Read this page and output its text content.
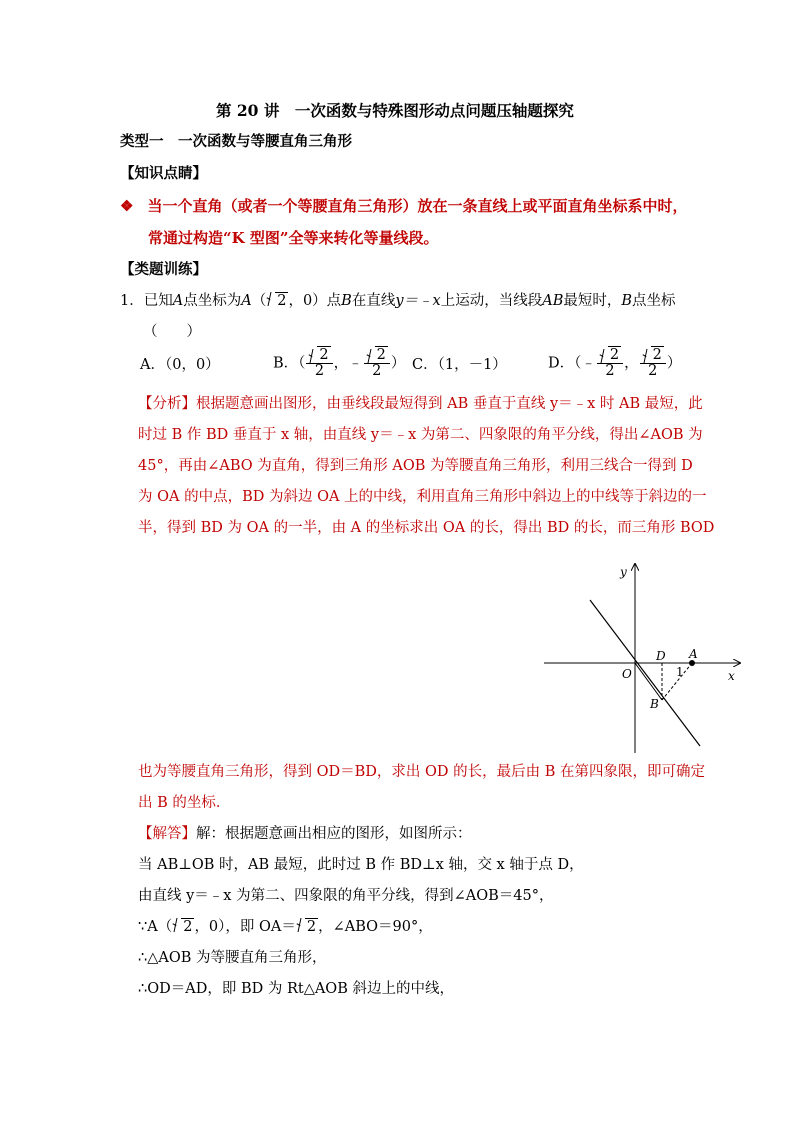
第 20 讲　一次函数与特殊图形动点问题压轴题探究
类型一　一次函数与等腰直角三角形
【知识点睛】
❖ 当一个直角（或者一个等腰直角三角形）放在一条直线上或平面直角坐标系中时，
常通过构造“K 型图”全等来转化等量线段。
【类题训练】
1．已知A点坐标为A（ 2 ，0）点B在直线y＝﹣x上运动，当线段AB最短时，B点坐标
（　　）
A．（0，0）	B．（ $\frac{2}{2}$ ，﹣ $\frac{2}{2}$ ） C．（1，－1）	D．（﹣ $\frac{2}{2}$ ， $\frac{2}{2}$ ）
【分析】根据题意画出图形，由垂线段最短得到 AB 垂直于直线 y＝﹣x 时 AB 最短，此
时过 B 作 BD 垂直于 x 轴，由直线 y＝﹣x 为第二、四象限的角平分线，得出∠AOB 为
45°，再由∠ABO 为直角，得到三角形 AOB 为等腰直角三角形，利用三线合一得到 D
为 OA 的中点，BD 为斜边 OA 上的中线，利用直角三角形中斜边上的中线等于斜边的一
半，得到 BD 为 OA 的一半，由 A 的坐标求出 OA 的长，得出 BD 的长，而三角形 BOD
y
x
O
D A
B
1
也为等腰直角三角形，得到 OD＝BD，求出 OD 的长，最后由 B 在第四象限，即可确定
出 B 的坐标．
【解答】解：根据题意画出相应的图形，如图所示：
当 AB⊥OB 时，AB 最短，此时过 B 作 BD⊥x 轴，交 x 轴于点 D，
由直线 y＝﹣x 为第二、四象限的角平分线，得到∠AOB＝45°，
∵A（ 2 ，0），即 OA＝ 2 ，∠ABO＝90°，
∴△AOB 为等腰直角三角形，
∴OD＝AD，即 BD 为 Rt△AOB 斜边上的中线，
